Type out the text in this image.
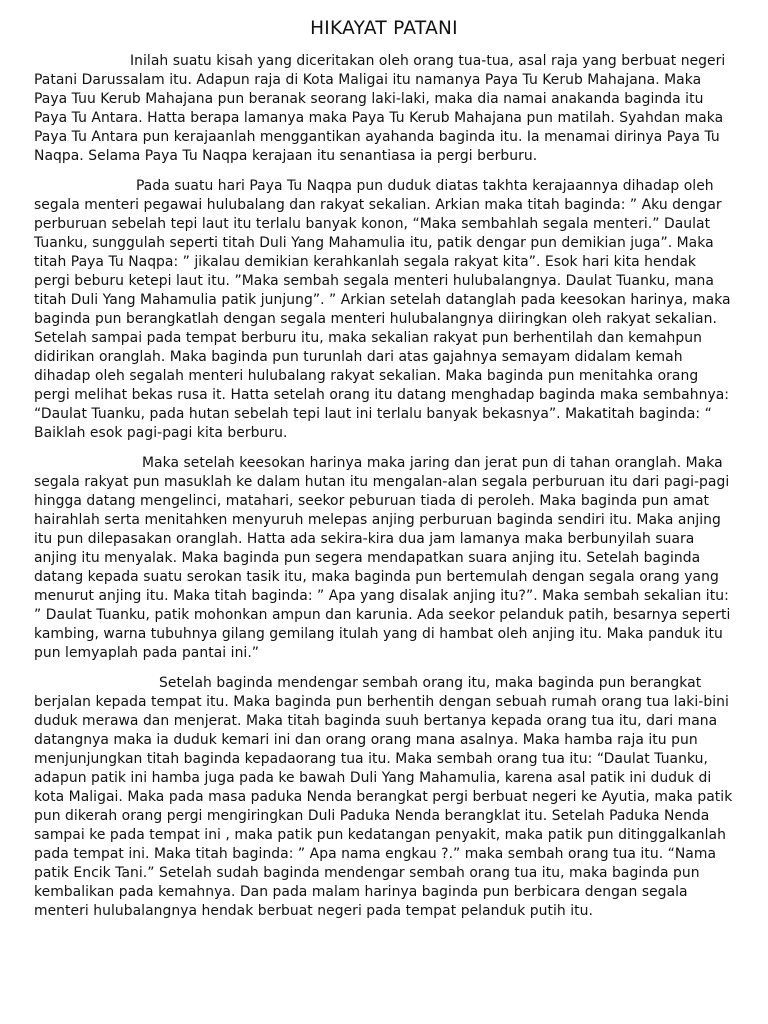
HIKAYAT PATANI

Inilah suatu kisah yang diceritakan oleh orang tua-tua, asal raja yang berbuat negeri Patani Darussalam itu. Adapun raja di Kota Maligai itu namanya Paya Tu Kerub Mahajana. Maka Paya Tuu Kerub Mahajana pun beranak seorang laki-laki, maka dia namai anakanda baginda itu Paya Tu Antara. Hatta berapa lamanya maka Paya Tu Kerub Mahajana pun matilah. Syahdan maka Paya Tu Antara pun kerajaanlah menggantikan ayahanda baginda itu. Ia menamai dirinya Paya Tu Naqpa. Selama Paya Tu Naqpa kerajaan itu senantiasa ia pergi berburu.

Pada suatu hari Paya Tu Naqpa pun duduk diatas takhta kerajaannya dihadap oleh segala menteri pegawai hulubalang dan rakyat sekalian. Arkian maka titah baginda: ” Aku dengar perburuan sebelah tepi laut itu terlalu banyak konon, “Maka sembahlah segala menteri.” Daulat Tuanku, sunggulah seperti titah Duli Yang Mahamulia itu, patik dengar pun demikian juga”. Maka titah Paya Tu Naqpa: ” jikalau demikian kerahkanlah segala rakyat kita”. Esok hari kita hendak pergi beburu ketepi laut itu. ”Maka sembah segala menteri hulubalangnya. Daulat Tuanku, mana titah Duli Yang Mahamulia patik junjung”. ” Arkian setelah datanglah pada keesokan harinya, maka baginda pun berangkatlah dengan segala menteri hulubalangnya diiringkan oleh rakyat sekalian. Setelah sampai pada tempat berburu itu, maka sekalian rakyat pun berhentilah dan kemahpun didirikan oranglah. Maka baginda pun turunlah dari atas gajahnya semayam didalam kemah dihadap oleh segalah menteri hulubalang rakyat sekalian. Maka baginda pun menitahka orang pergi melihat bekas rusa it. Hatta setelah orang itu datang menghadap baginda maka sembahnya: “Daulat Tuanku, pada hutan sebelah tepi laut ini terlalu banyak bekasnya”. Makatitah baginda: “ Baiklah esok pagi-pagi kita berburu.

Maka setelah keesokan harinya maka jaring dan jerat pun di tahan oranglah. Maka segala rakyat pun masuklah ke dalam hutan itu mengalan-alan segala perburuan itu dari pagi-pagi hingga datang mengelinci, matahari, seekor peburuan tiada di peroleh. Maka baginda pun amat hairahlah serta menitahken menyuruh melepas anjing perburuan baginda sendiri itu. Maka anjing itu pun dilepasakan oranglah. Hatta ada sekira-kira dua jam lamanya maka berbunyilah suara anjing itu menyalak. Maka baginda pun segera mendapatkan suara anjing itu. Setelah baginda datang kepada suatu serokan tasik itu, maka baginda pun bertemulah dengan segala orang yang menurut anjing itu. Maka titah baginda: ” Apa yang disalak anjing itu?”. Maka sembah sekalian itu: ” Daulat Tuanku, patik mohonkan ampun dan karunia. Ada seekor pelanduk patih, besarnya seperti kambing, warna tubuhnya gilang gemilang itulah yang di hambat oleh anjing itu. Maka panduk itu pun lemyaplah pada pantai ini.”

Setelah baginda mendengar sembah orang itu, maka baginda pun berangkat berjalan kepada tempat itu. Maka baginda pun berhentih dengan sebuah rumah orang tua laki-bini duduk merawa dan menjerat. Maka titah baginda suuh bertanya kepada orang tua itu, dari mana datangnya maka ia duduk kemari ini dan orang orang mana asalnya. Maka hamba raja itu pun menjunjungkan titah baginda kepadaorang tua itu. Maka sembah orang tua itu: “Daulat Tuanku, adapun patik ini hamba juga pada ke bawah Duli Yang Mahamulia, karena asal patik ini duduk di kota Maligai. Maka pada masa paduka Nenda berangkat pergi berbuat negeri ke Ayutia, maka patik pun dikerah orang pergi mengiringkan Duli Paduka Nenda berangklat itu. Setelah Paduka Nenda sampai ke pada tempat ini , maka patik pun kedatangan penyakit, maka patik pun ditinggalkanlah pada tempat ini. Maka titah baginda: ” Apa nama engkau ?.” maka sembah orang tua itu. “Nama patik Encik Tani.” Setelah sudah baginda mendengar sembah orang tua itu, maka baginda pun kembalikan pada kemahnya. Dan pada malam harinya baginda pun berbicara dengan segala menteri hulubalangnya hendak berbuat negeri pada tempat pelanduk putih itu.
